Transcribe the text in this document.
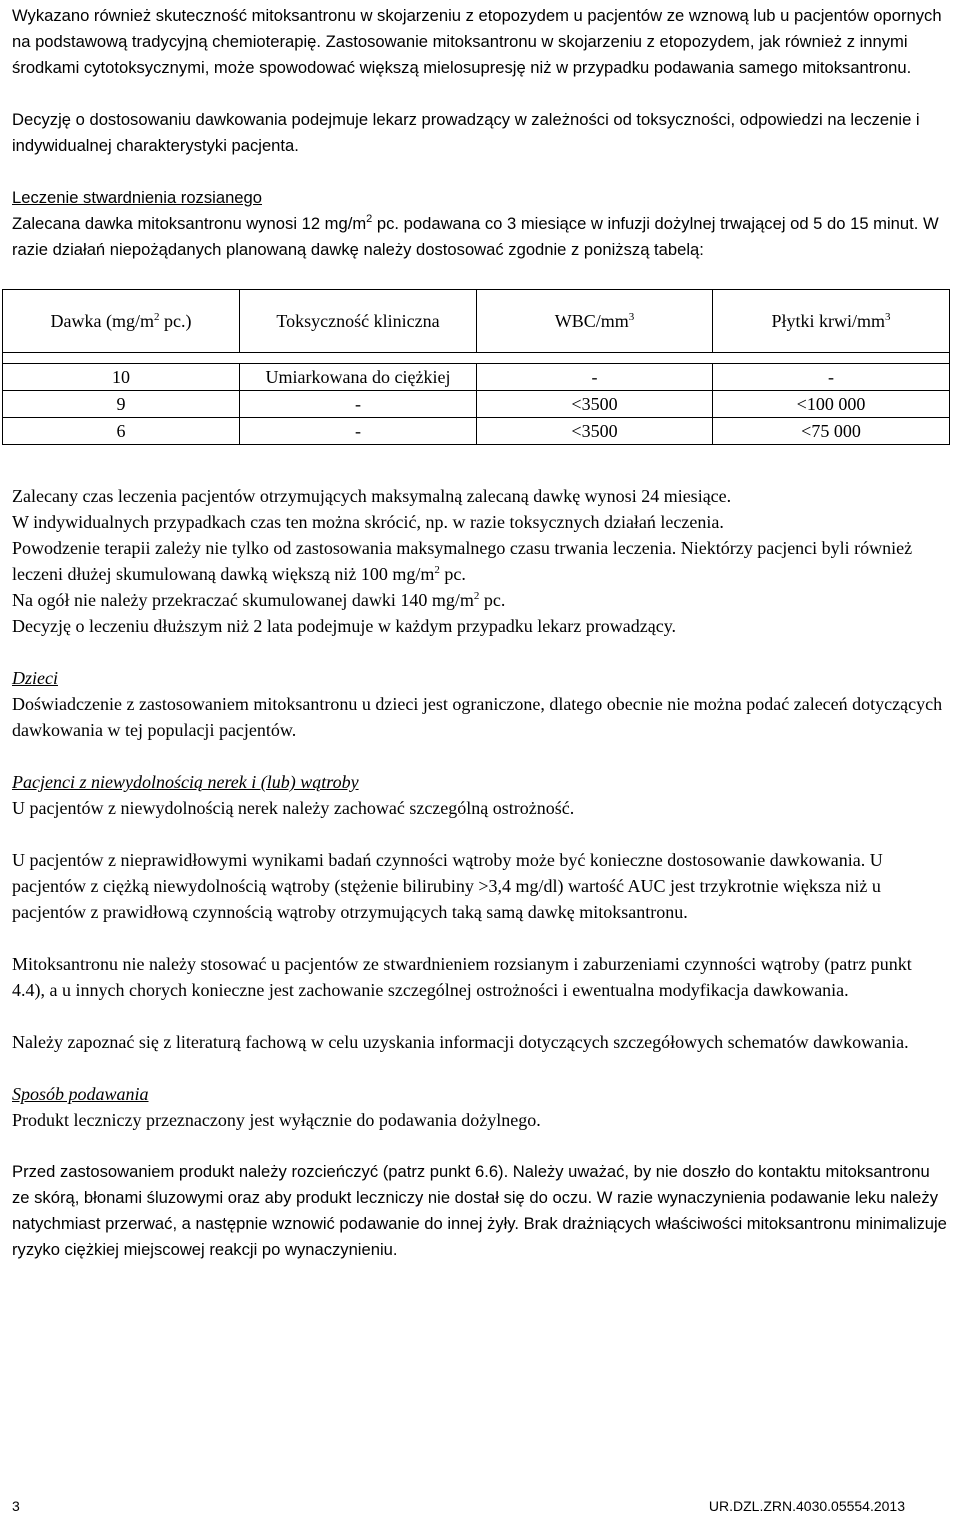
Wykazano również skuteczność mitoksantronu w skojarzeniu z etopozydem u pacjentów ze wznową lub u pacjentów opornych na podstawową tradycyjną chemioterapię. Zastosowanie mitoksantronu w skojarzeniu z etopozydem, jak również z innymi środkami cytotoksycznymi, może spowodować większą mielosupresję niż w przypadku podawania samego mitoksantronu.

Decyzję o dostosowaniu dawkowania podejmuje lekarz prowadzący w zależności od toksyczności, odpowiedzi na leczenie i indywidualnej charakterystyki pacjenta.

Leczenie stwardnienia rozsianego

Zalecana dawka mitoksantronu wynosi 12 $mg/m^2$ pc. podawana co 3 miesiące w infuzji dożylnej trwającej od 5 do 15 minut. W razie działań niepożądanych planowaną dawkę należy dostosować zgodnie z poniższą tabelą:

Dawka ($mg/m^2$ pc.)	Toksyczność kliniczna	WBC/$mm^3$	Płytki krwi/$mm^3$

10	Umiarkowana do ciężkiej	-	-
9	-	<3500	<100 000
6	-	<3500	<75 000

Zalecany czas leczenia pacjentów otrzymujących maksymalną zalecaną dawkę wynosi 24 miesiące.

W indywidualnych przypadkach czas ten można skrócić, np. w razie toksycznych działań leczenia.

Powodzenie terapii zależy nie tylko od zastosowania maksymalnego czasu trwania leczenia. Niektórzy pacjenci byli również leczeni dłużej skumulowaną dawką większą niż 100 $mg/m^2$ pc.

Na ogół nie należy przekraczać skumulowanej dawki 140 $mg/m^2$ pc.

Decyzję o leczeniu dłuższym niż 2 lata podejmuje w każdym przypadku lekarz prowadzący.

Dzieci

Doświadczenie z zastosowaniem mitoksantronu u dzieci jest ograniczone, dlatego obecnie nie można podać zaleceń dotyczących dawkowania w tej populacji pacjentów.

Pacjenci z niewydolnością nerek i (lub) wątroby

U pacjentów z niewydolnością nerek należy zachować szczególną ostrożność.

U pacjentów z nieprawidłowymi wynikami badań czynności wątroby może być konieczne dostosowanie dawkowania. U pacjentów z ciężką niewydolnością wątroby (stężenie bilirubiny >3,4 mg/dl) wartość AUC jest trzykrotnie większa niż u pacjentów z prawidłową czynnością wątroby otrzymujących taką samą dawkę mitoksantronu.

Mitoksantronu nie należy stosować u pacjentów ze stwardnieniem rozsianym i zaburzeniami czynności wątroby (patrz punkt 4.4), a u innych chorych konieczne jest zachowanie szczególnej ostrożności i ewentualna modyfikacja dawkowania.

Należy zapoznać się z literaturą fachową w celu uzyskania informacji dotyczących szczegółowych schematów dawkowania.

Sposób podawania

Produkt leczniczy przeznaczony jest wyłącznie do podawania dożylnego.

Przed zastosowaniem produkt należy rozcieńczyć (patrz punkt 6.6). Należy uważać, by nie doszło do kontaktu mitoksantronu ze skórą, błonami śluzowymi oraz aby produkt leczniczy nie dostał się do oczu. W razie wynaczynienia podawanie leku należy natychmiast przerwać, a następnie wznowić podawanie do innej żyły. Brak drażniących właściwości mitoksantronu minimalizuje ryzyko ciężkiej miejscowej reakcji po wynaczynieniu.

3	UR.DZL.ZRN.4030.05554.2013
